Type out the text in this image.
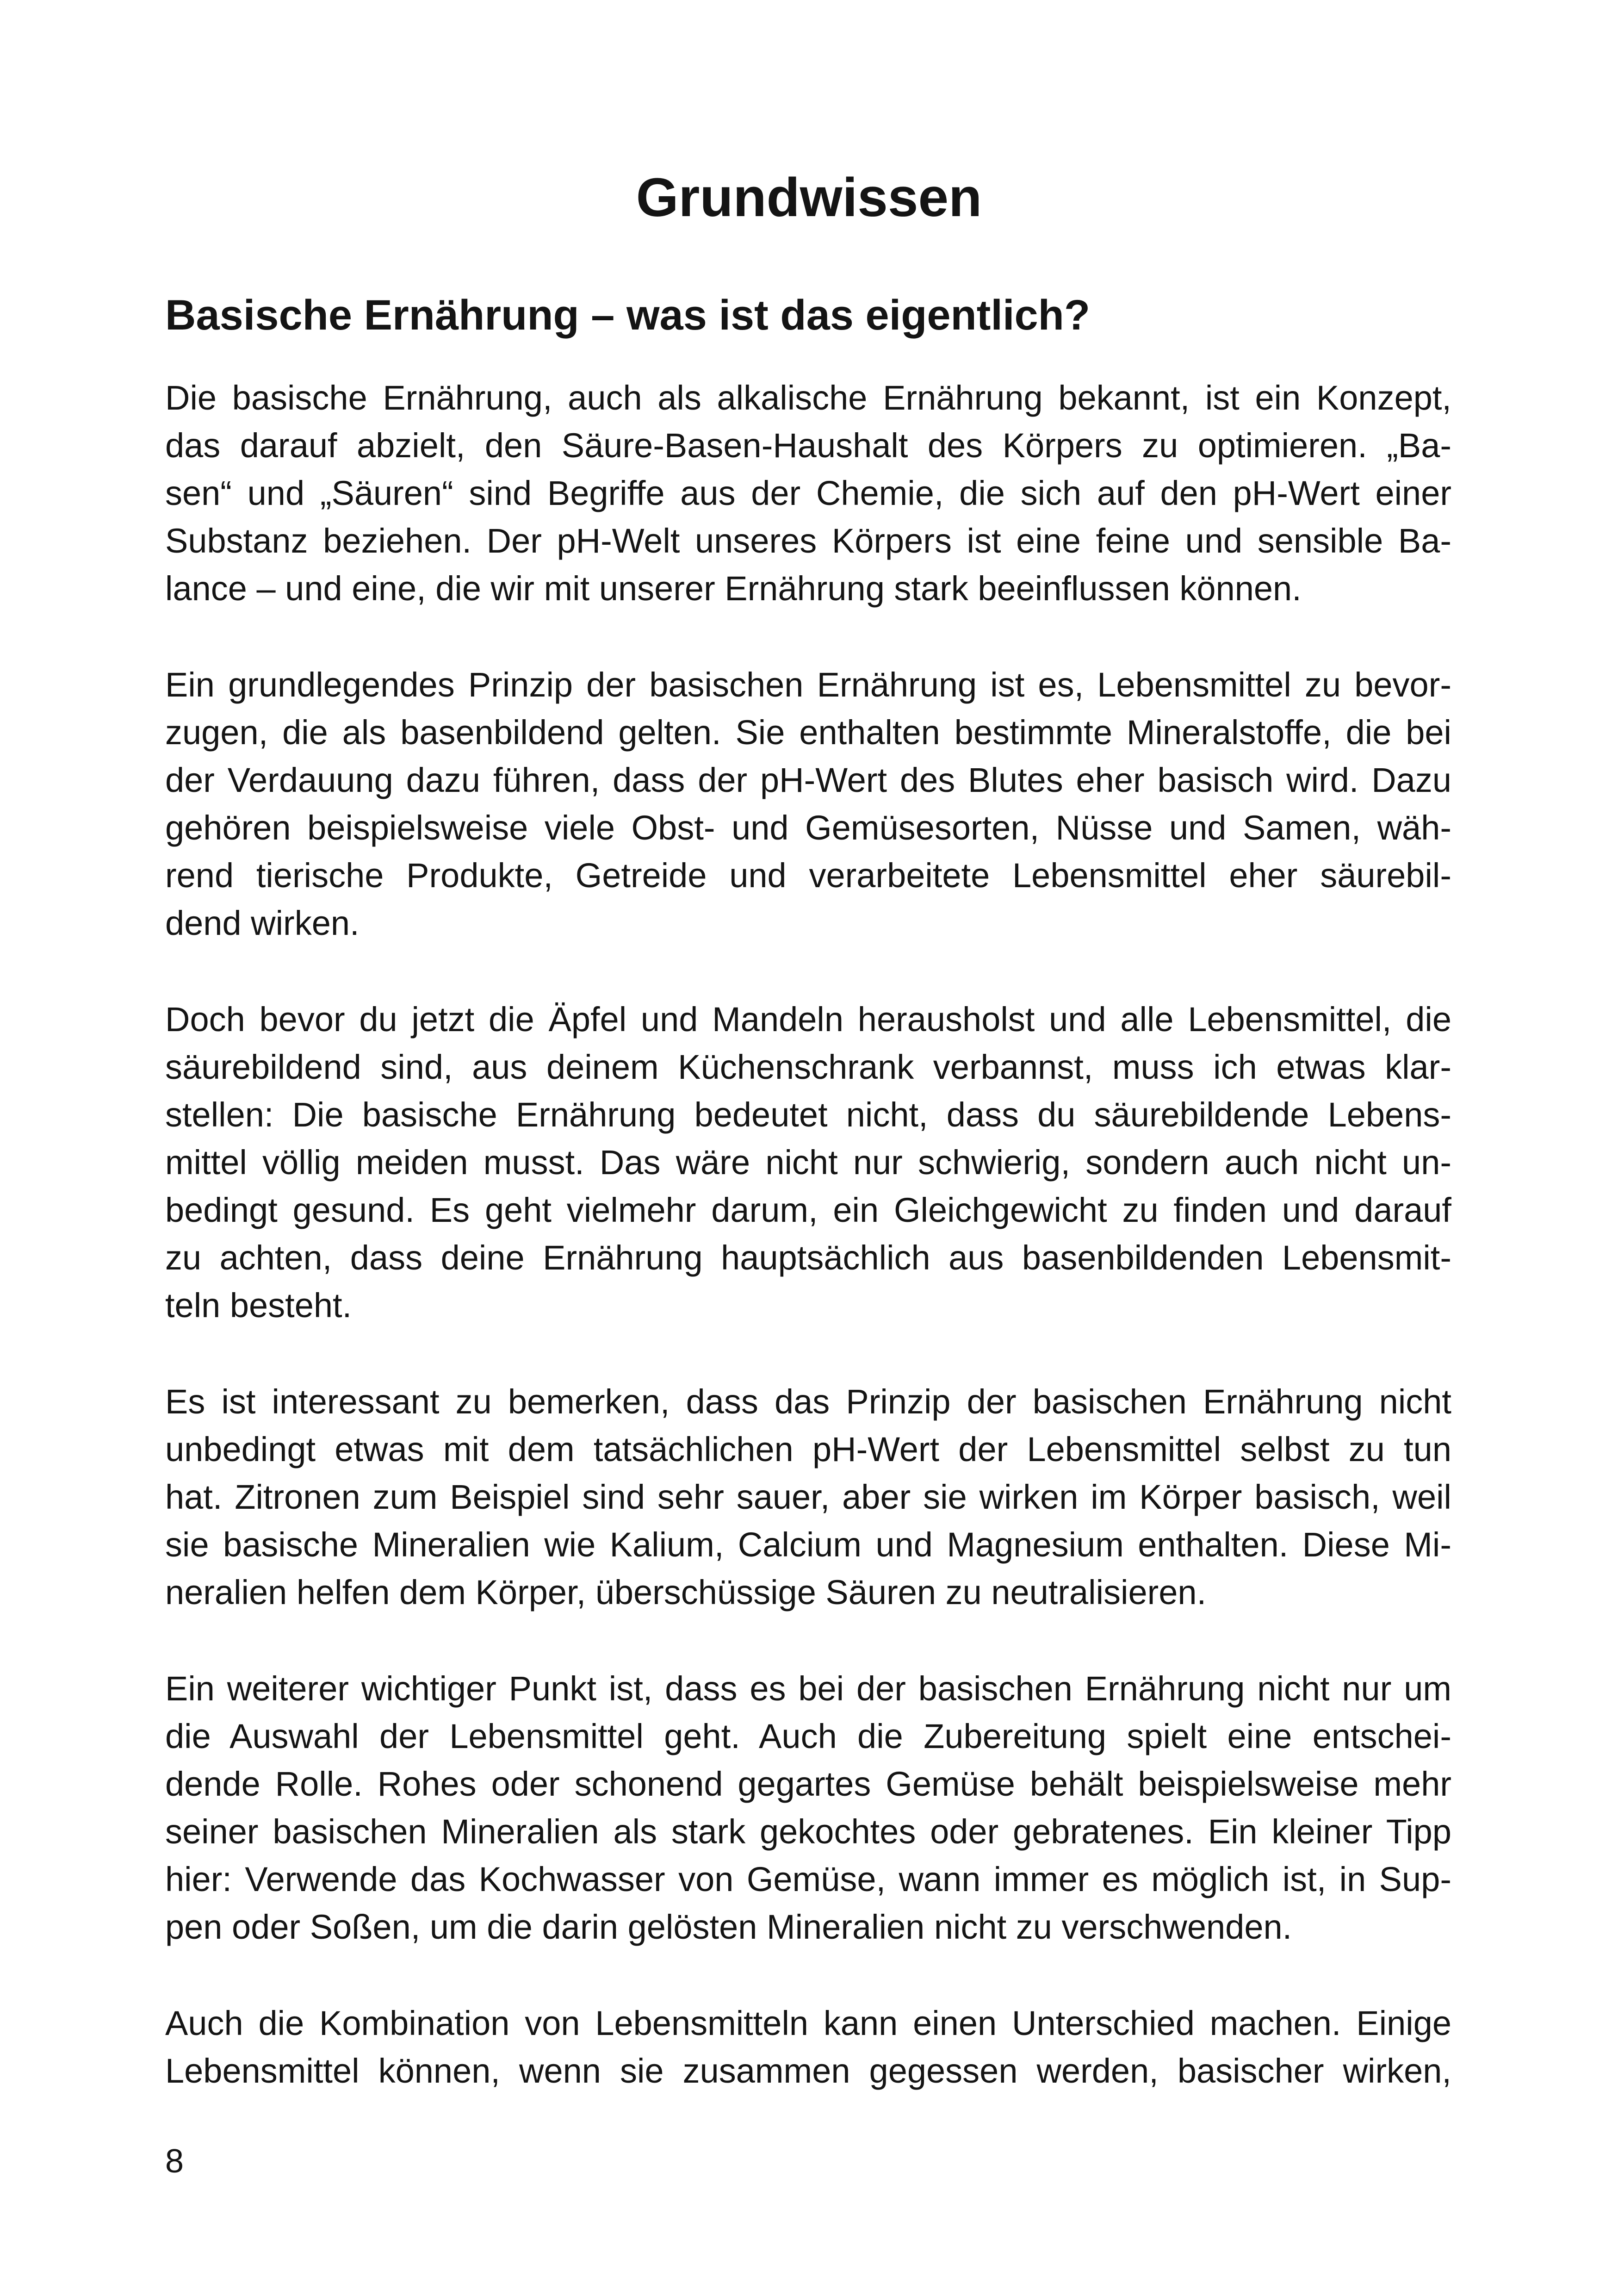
Grundwissen
Basische Ernährung – was ist das eigentlich?
Die basische Ernährung, auch als alkalische Ernährung bekannt, ist ein Konzept,
das darauf abzielt, den Säure-Basen-Haushalt des Körpers zu optimieren. „Ba-
sen“ und „Säuren“ sind Begriffe aus der Chemie, die sich auf den pH-Wert einer
Substanz beziehen. Der pH-Welt unseres Körpers ist eine feine und sensible Ba-
lance – und eine, die wir mit unserer Ernährung stark beeinflussen können.
Ein grundlegendes Prinzip der basischen Ernährung ist es, Lebensmittel zu bevor-
zugen, die als basenbildend gelten. Sie enthalten bestimmte Mineralstoffe, die bei
der Verdauung dazu führen, dass der pH-Wert des Blutes eher basisch wird. Dazu
gehören beispielsweise viele Obst- und Gemüsesorten, Nüsse und Samen, wäh-
rend tierische Produkte, Getreide und verarbeitete Lebensmittel eher säurebil-
dend wirken.
Doch bevor du jetzt die Äpfel und Mandeln herausholst und alle Lebensmittel, die
säurebildend sind, aus deinem Küchenschrank verbannst, muss ich etwas klar-
stellen: Die basische Ernährung bedeutet nicht, dass du säurebildende Lebens-
mittel völlig meiden musst. Das wäre nicht nur schwierig, sondern auch nicht un-
bedingt gesund. Es geht vielmehr darum, ein Gleichgewicht zu finden und darauf
zu achten, dass deine Ernährung hauptsächlich aus basenbildenden Lebensmit-
teln besteht.
Es ist interessant zu bemerken, dass das Prinzip der basischen Ernährung nicht
unbedingt etwas mit dem tatsächlichen pH-Wert der Lebensmittel selbst zu tun
hat. Zitronen zum Beispiel sind sehr sauer, aber sie wirken im Körper basisch, weil
sie basische Mineralien wie Kalium, Calcium und Magnesium enthalten. Diese Mi-
neralien helfen dem Körper, überschüssige Säuren zu neutralisieren.
Ein weiterer wichtiger Punkt ist, dass es bei der basischen Ernährung nicht nur um
die Auswahl der Lebensmittel geht. Auch die Zubereitung spielt eine entschei-
dende Rolle. Rohes oder schonend gegartes Gemüse behält beispielsweise mehr
seiner basischen Mineralien als stark gekochtes oder gebratenes. Ein kleiner Tipp
hier: Verwende das Kochwasser von Gemüse, wann immer es möglich ist, in Sup-
pen oder Soßen, um die darin gelösten Mineralien nicht zu verschwenden.
Auch die Kombination von Lebensmitteln kann einen Unterschied machen. Einige
Lebensmittel können, wenn sie zusammen gegessen werden, basischer wirken,

8
